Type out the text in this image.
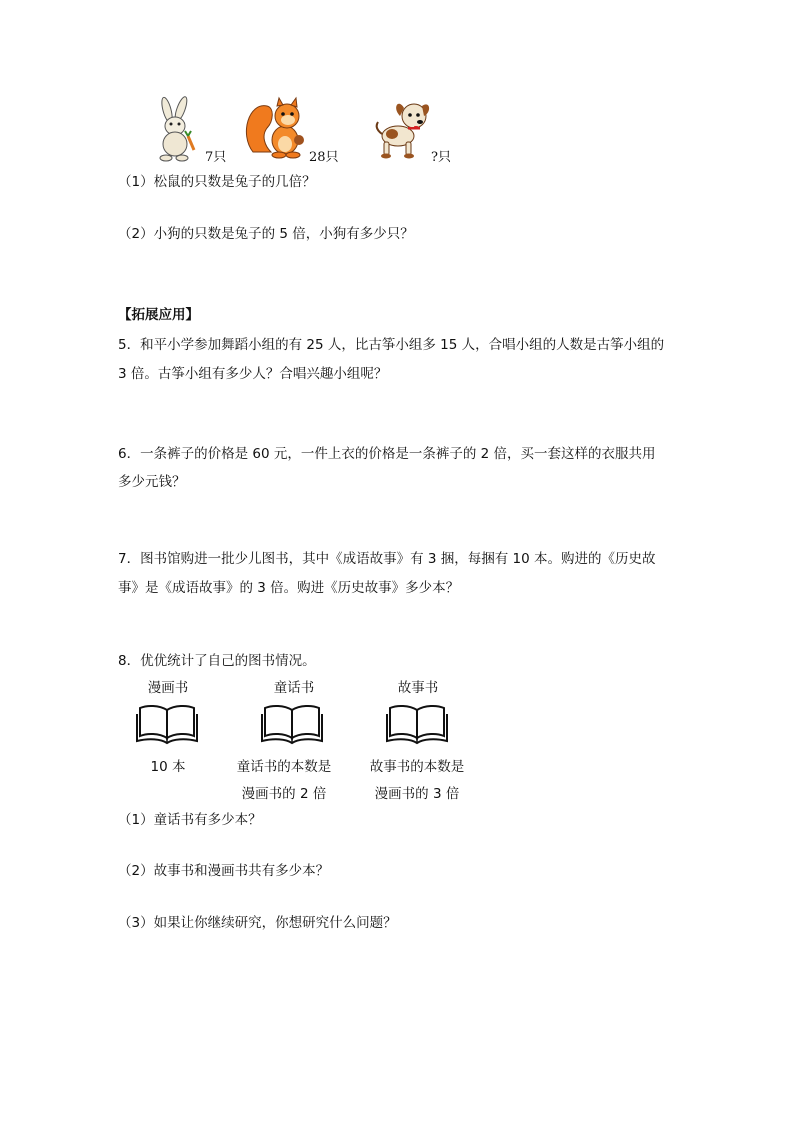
7只	28只	?只
（1）松鼠的只数是兔子的几倍？
（2）小狗的只数是兔子的 5 倍，小狗有多少只？
【拓展应用】
5．和平小学参加舞蹈小组的有 25 人，比古筝小组多 15 人，合唱小组的人数是古筝小组的
3 倍。古筝小组有多少人？合唱兴趣小组呢？
6．一条裤子的价格是 60 元，一件上衣的价格是一条裤子的 2 倍，买一套这样的衣服共用
多少元钱？
7．图书馆购进一批少儿图书，其中《成语故事》有 3 捆，每捆有 10 本。购进的《历史故
事》是《成语故事》的 3 倍。购进《历史故事》多少本？
8．优优统计了自己的图书情况。
漫画书
10 本
童话书
童话书的本数是
漫画书的 2 倍
故事书
故事书的本数是
漫画书的 3 倍
（1）童话书有多少本？
（2）故事书和漫画书共有多少本？
（3）如果让你继续研究，你想研究什么问题？
